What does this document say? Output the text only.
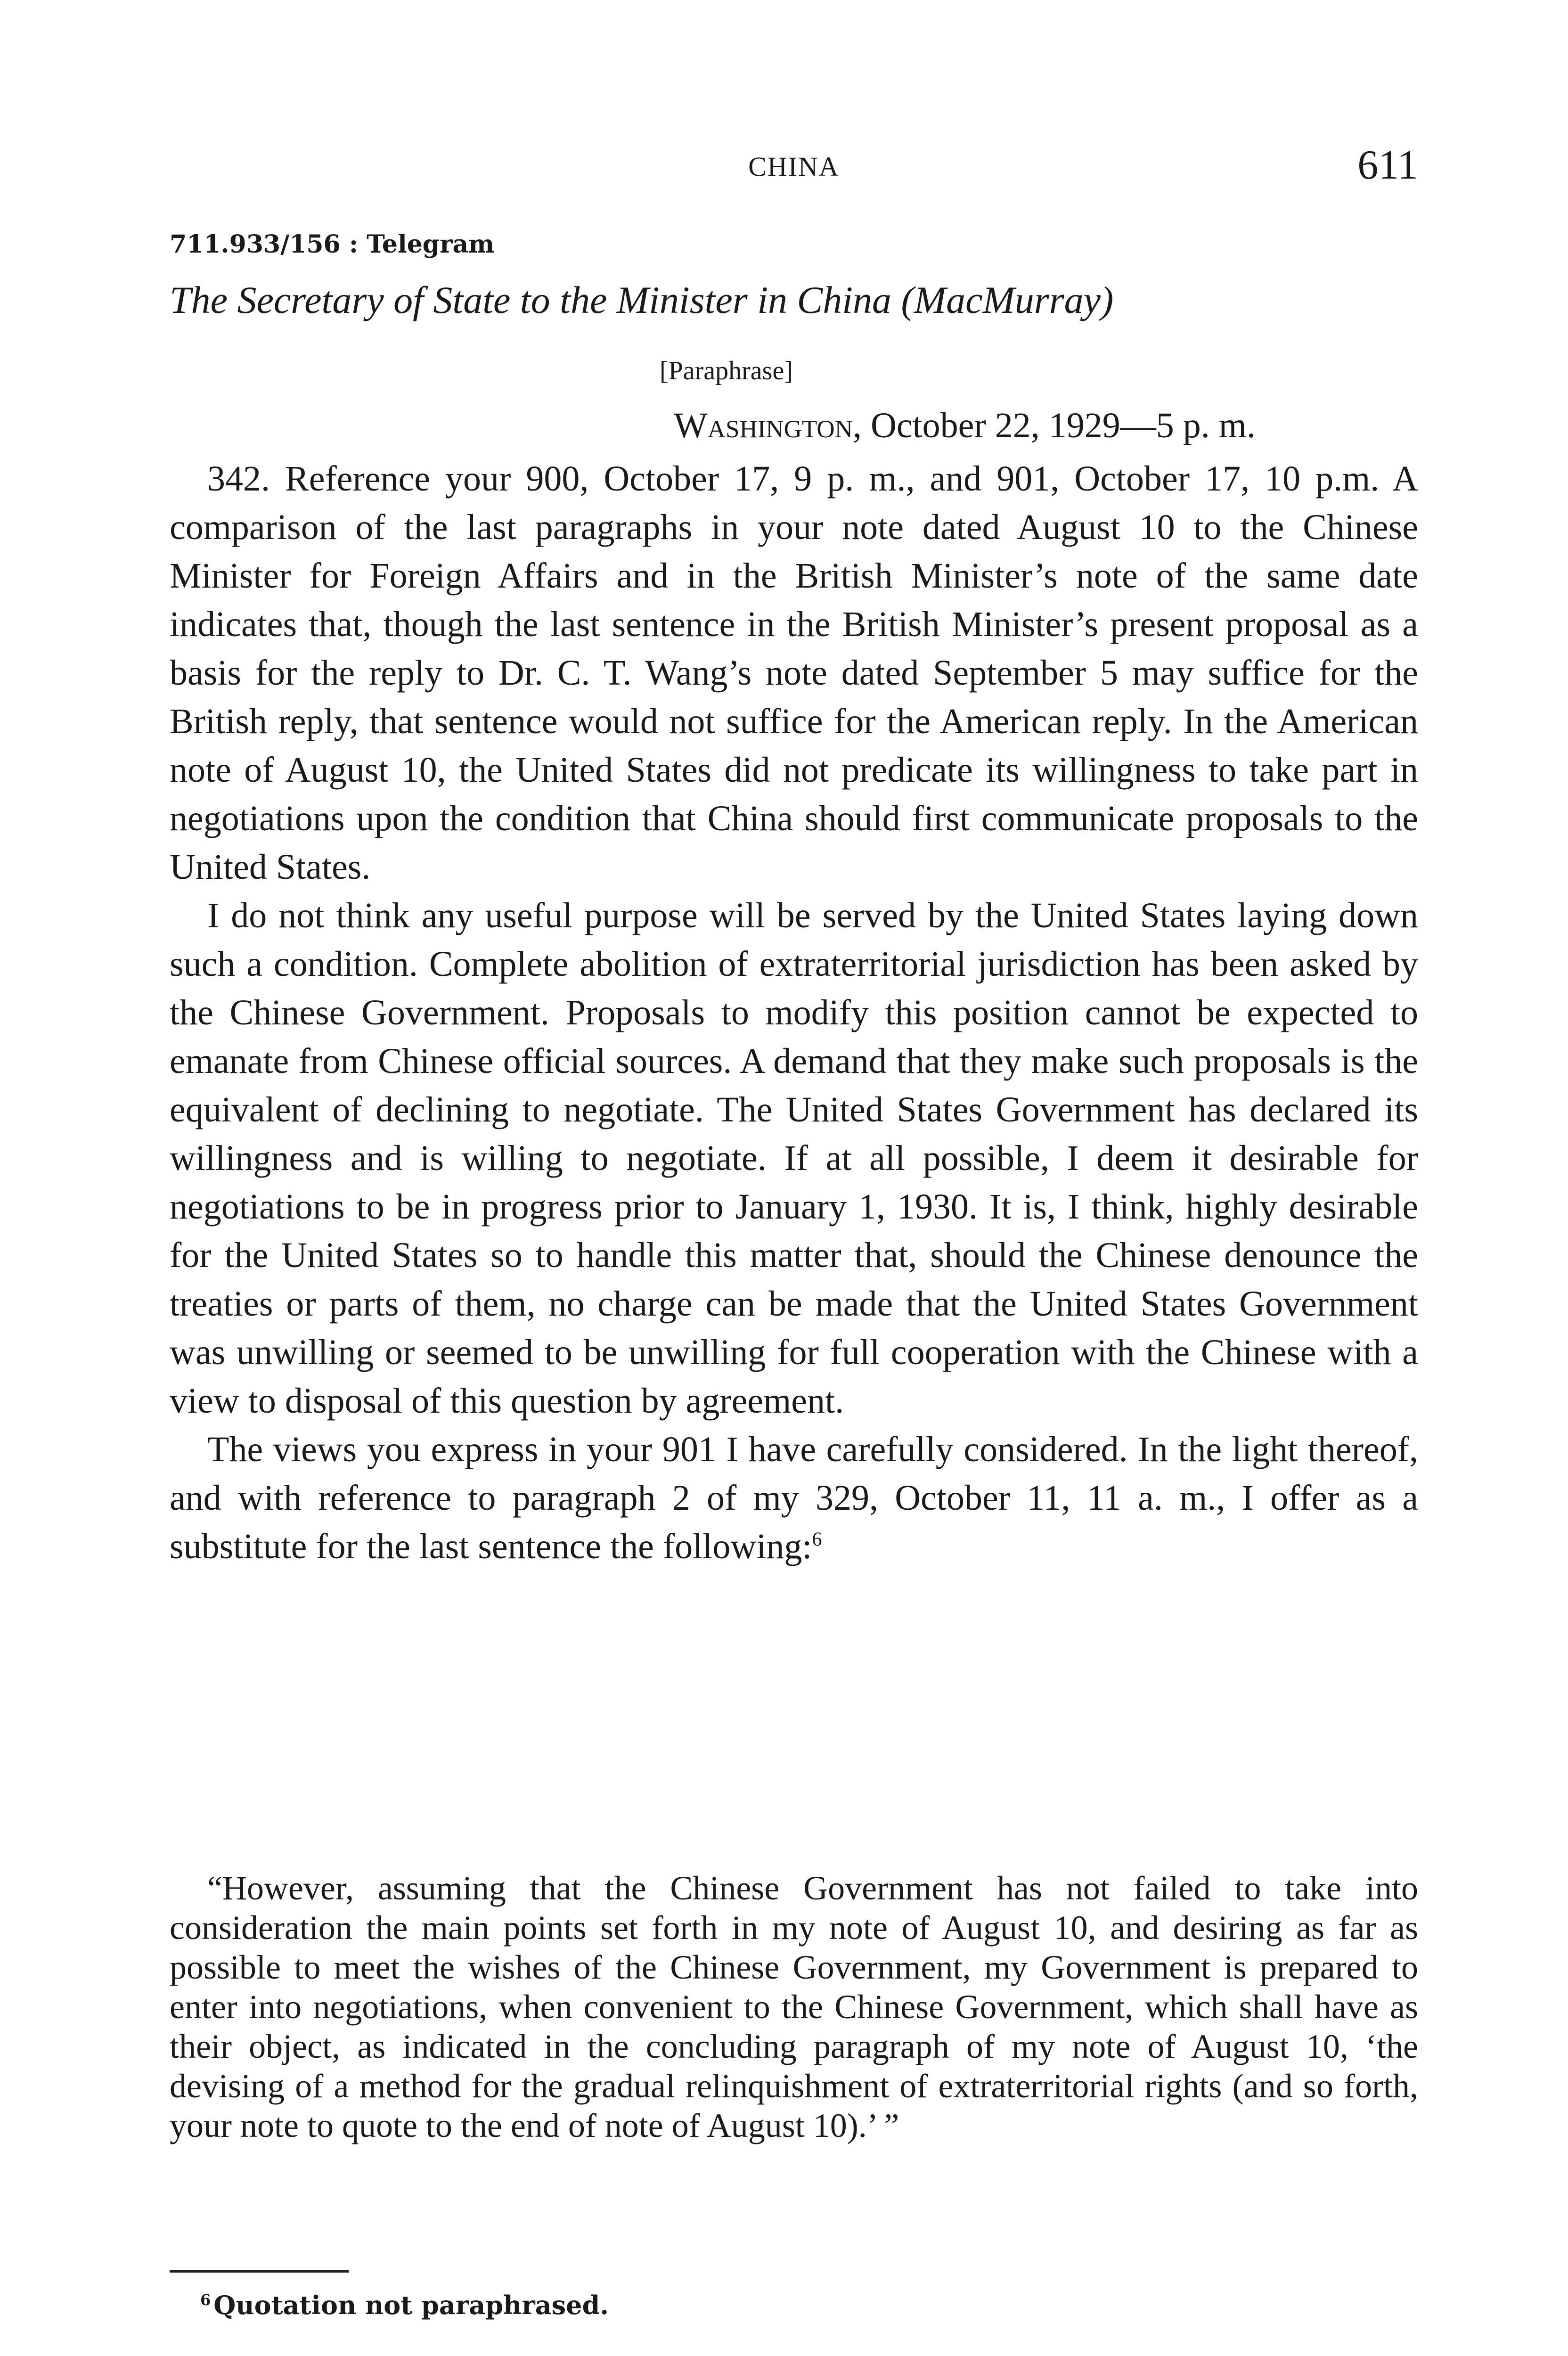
CHINA	611
711.933/156 : Telegram
The Secretary of State to the Minister in China (MacMurray)
[Paraphrase]
Washington, October 22, 1929—5 p. m.

342. Reference your 900, October 17, 9 p. m., and 901, October 17, 10 p.m. A comparison of the last paragraphs in your note dated August 10 to the Chinese Minister for Foreign Affairs and in the British Minister’s note of the same date indicates that, though the last sentence in the British Minister’s present proposal as a basis for the reply to Dr. C. T. Wang’s note dated September 5 may suffice for the British reply, that sentence would not suffice for the American reply. In the American note of August 10, the United States did not predicate its willingness to take part in negotiations upon the condition that China should first communicate proposals to the United States.

I do not think any useful purpose will be served by the United States laying down such a condition. Complete abolition of extraterritorial jurisdiction has been asked by the Chinese Government. Proposals to modify this position cannot be expected to emanate from Chinese official sources. A demand that they make such proposals is the equivalent of declining to negotiate. The United States Government has declared its willingness and is willing to negotiate. If at all possible, I deem it desirable for negotiations to be in progress prior to January 1, 1930. It is, I think, highly desirable for the United States so to handle this matter that, should the Chinese denounce the treaties or parts of them, no charge can be made that the United States Government was unwilling or seemed to be unwilling for full cooperation with the Chinese with a view to disposal of this question by agreement.

The views you express in your 901 I have carefully considered. In the light thereof, and with reference to paragraph 2 of my 329, October 11, 11 a. m., I offer as a substitute for the last sentence the following:$^6$

“However, assuming that the Chinese Government has not failed to take into consideration the main points set forth in my note of August 10, and desiring as far as possible to meet the wishes of the Chinese Government, my Government is prepared to enter into negotiations, when convenient to the Chinese Government, which shall have as their object, as indicated in the concluding paragraph of my note of August 10, ‘the devising of a method for the gradual relinquishment of extraterritorial rights (and so forth, your note to quote to the end of note of August 10).’ ”

$^6$ Quotation not paraphrased.
